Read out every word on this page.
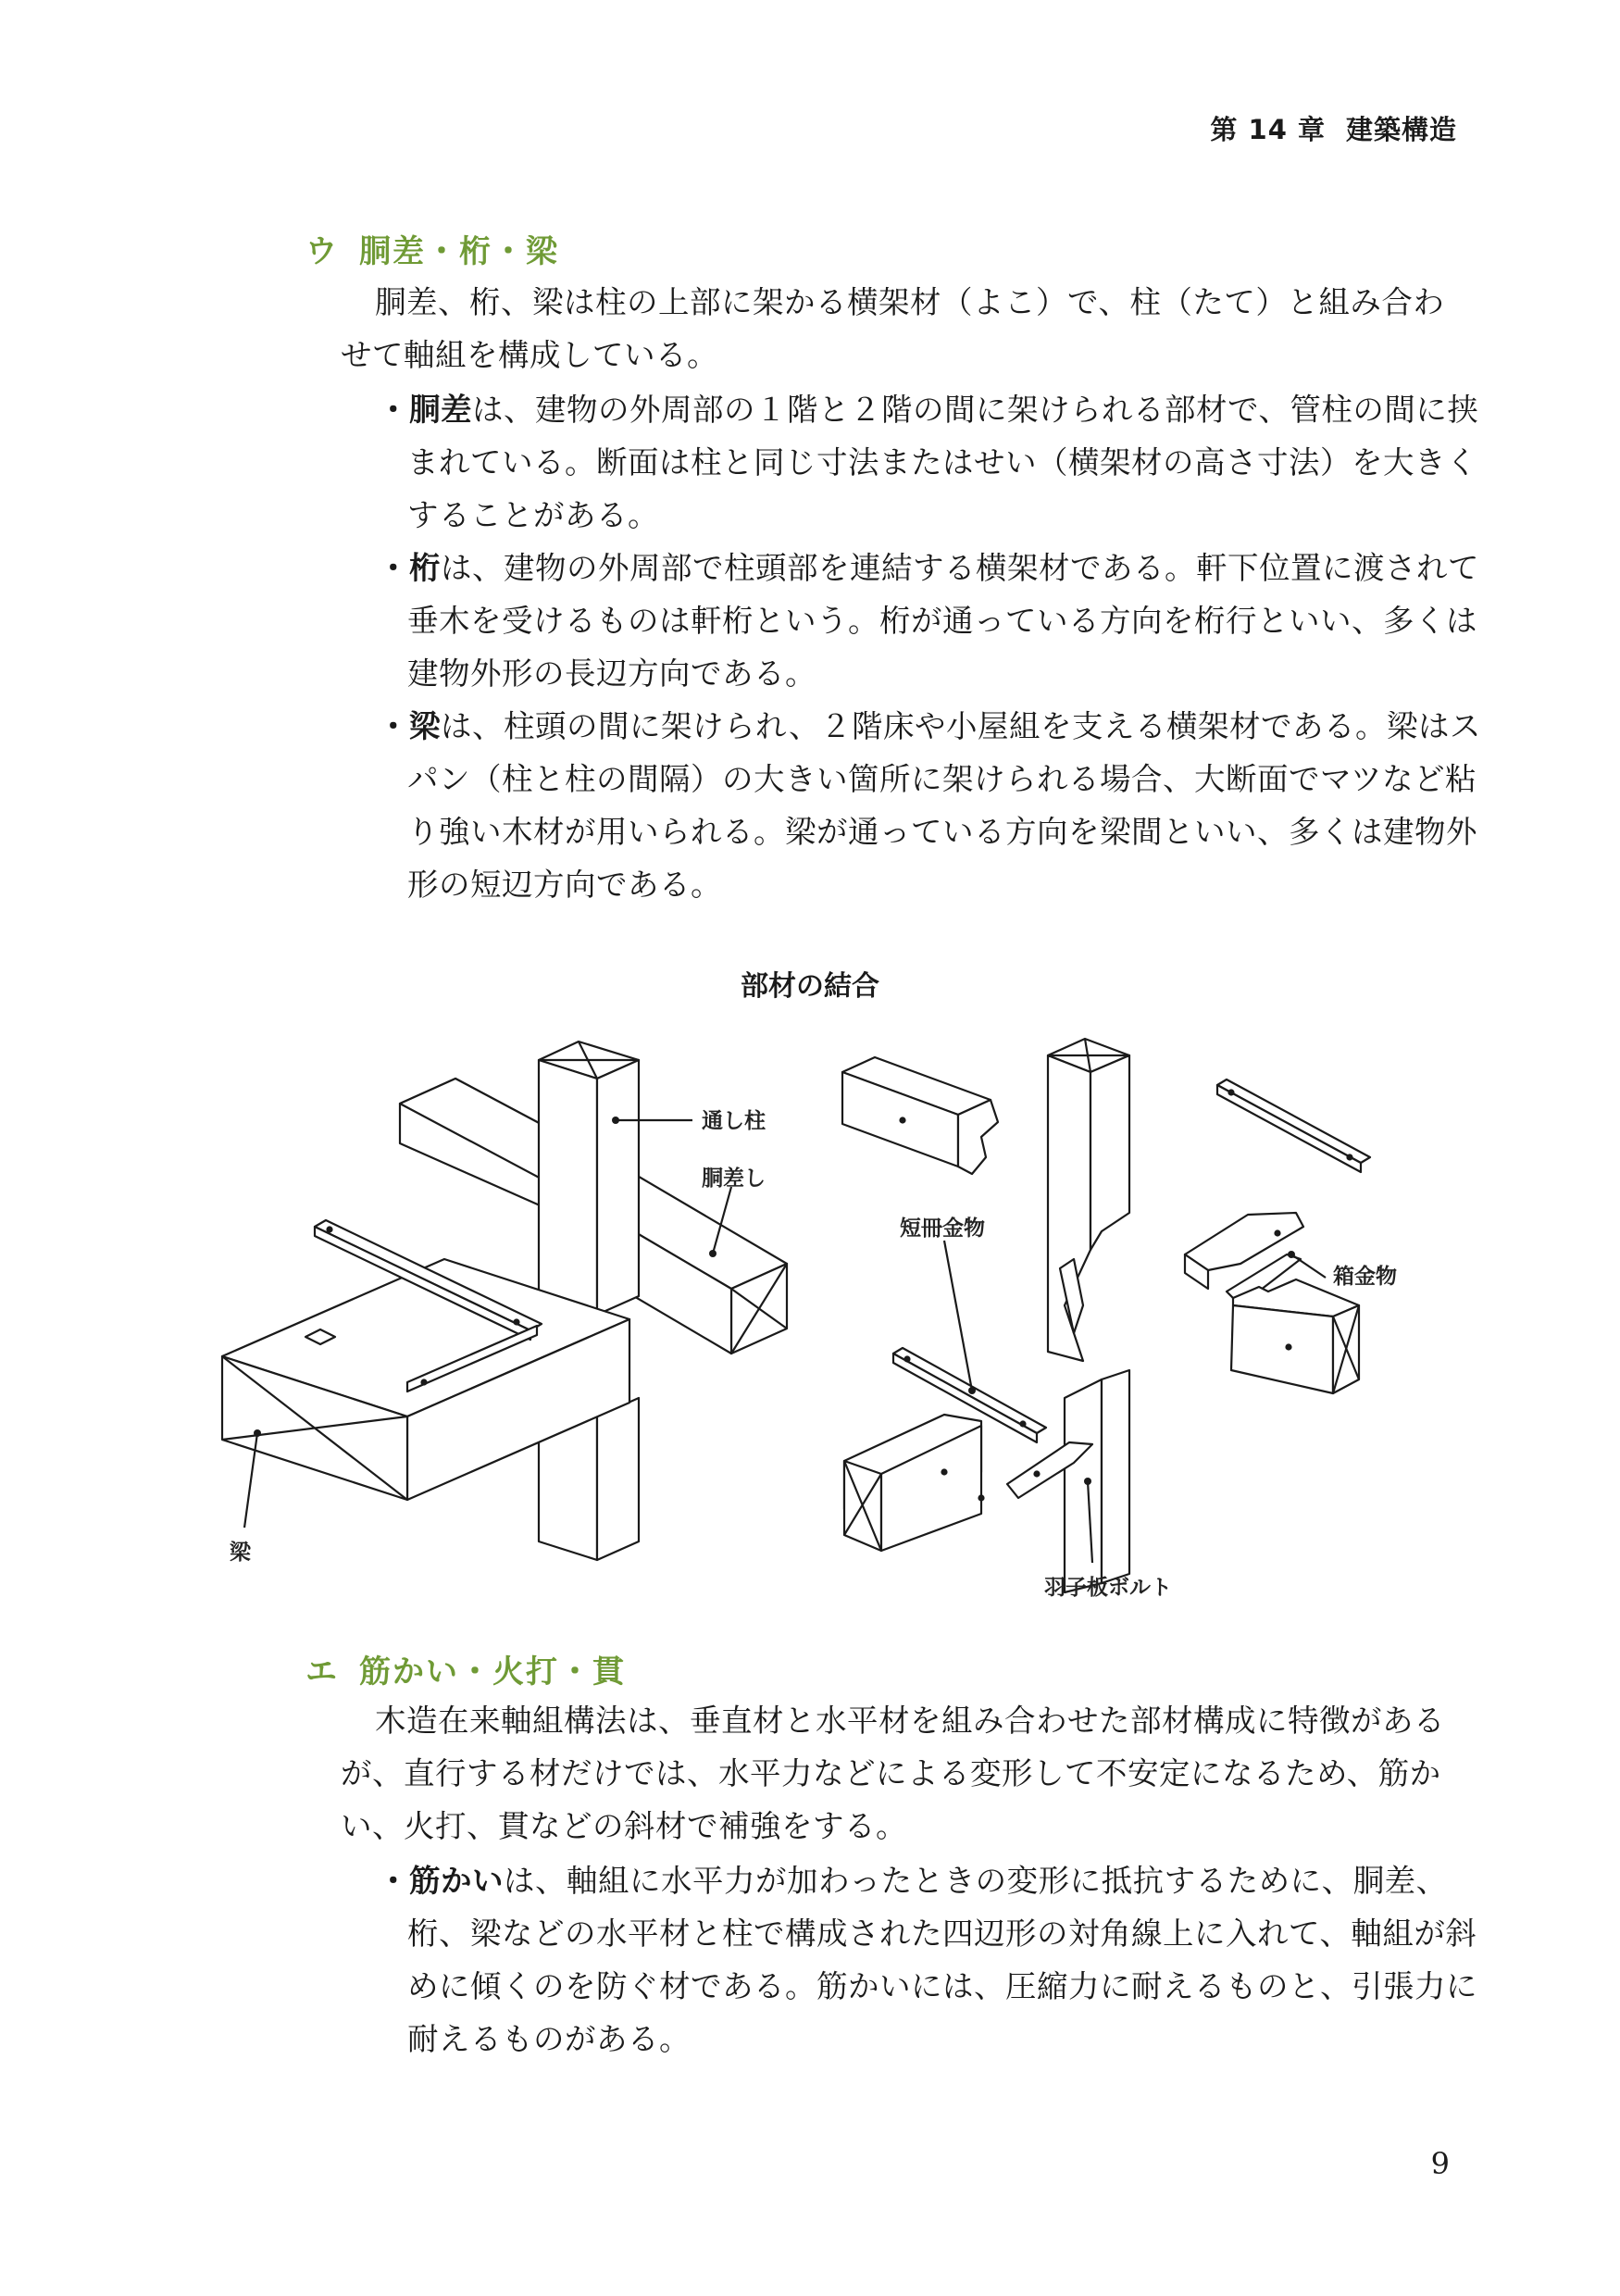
第 14 章 建築構造
ウ 胴差・桁・梁

胴差、桁、梁は柱の上部に架かる横架材（よこ）で、柱（たて）と組み合わせて軸組を構成している。

・胴差は、建物の外周部の１階と２階の間に架けられる部材で、管柱の間に挟まれている。断面は柱と同じ寸法またはせい（横架材の高さ寸法）を大きくすることがある。

・桁は、建物の外周部で柱頭部を連結する横架材である。軒下位置に渡されて垂木を受けるものは軒桁という。桁が通っている方向を桁行といい、多くは建物外形の長辺方向である。

・梁は、柱頭の間に架けられ、２階床や小屋組を支える横架材である。梁はスパン（柱と柱の間隔）の大きい箇所に架けられる場合、大断面でマツなど粘り強い木材が用いられる。梁が通っている方向を梁間といい、多くは建物外形の短辺方向である。

部材の結合
通し柱
胴差し
梁
短冊金物
羽子板ボルト
箱金物
エ 筋かい・火打・貫

木造在来軸組構法は、垂直材と水平材を組み合わせた部材構成に特徴があるが、直行する材だけでは、水平力などによる変形して不安定になるため、筋かい、火打、貫などの斜材で補強をする。

・筋かいは、軸組に水平力が加わったときの変形に抵抗するために、胴差、桁、梁などの水平材と柱で構成された四辺形の対角線上に入れて、軸組が斜めに傾くのを防ぐ材である。筋かいには、圧縮力に耐えるものと、引張力に耐えるものがある。

9
